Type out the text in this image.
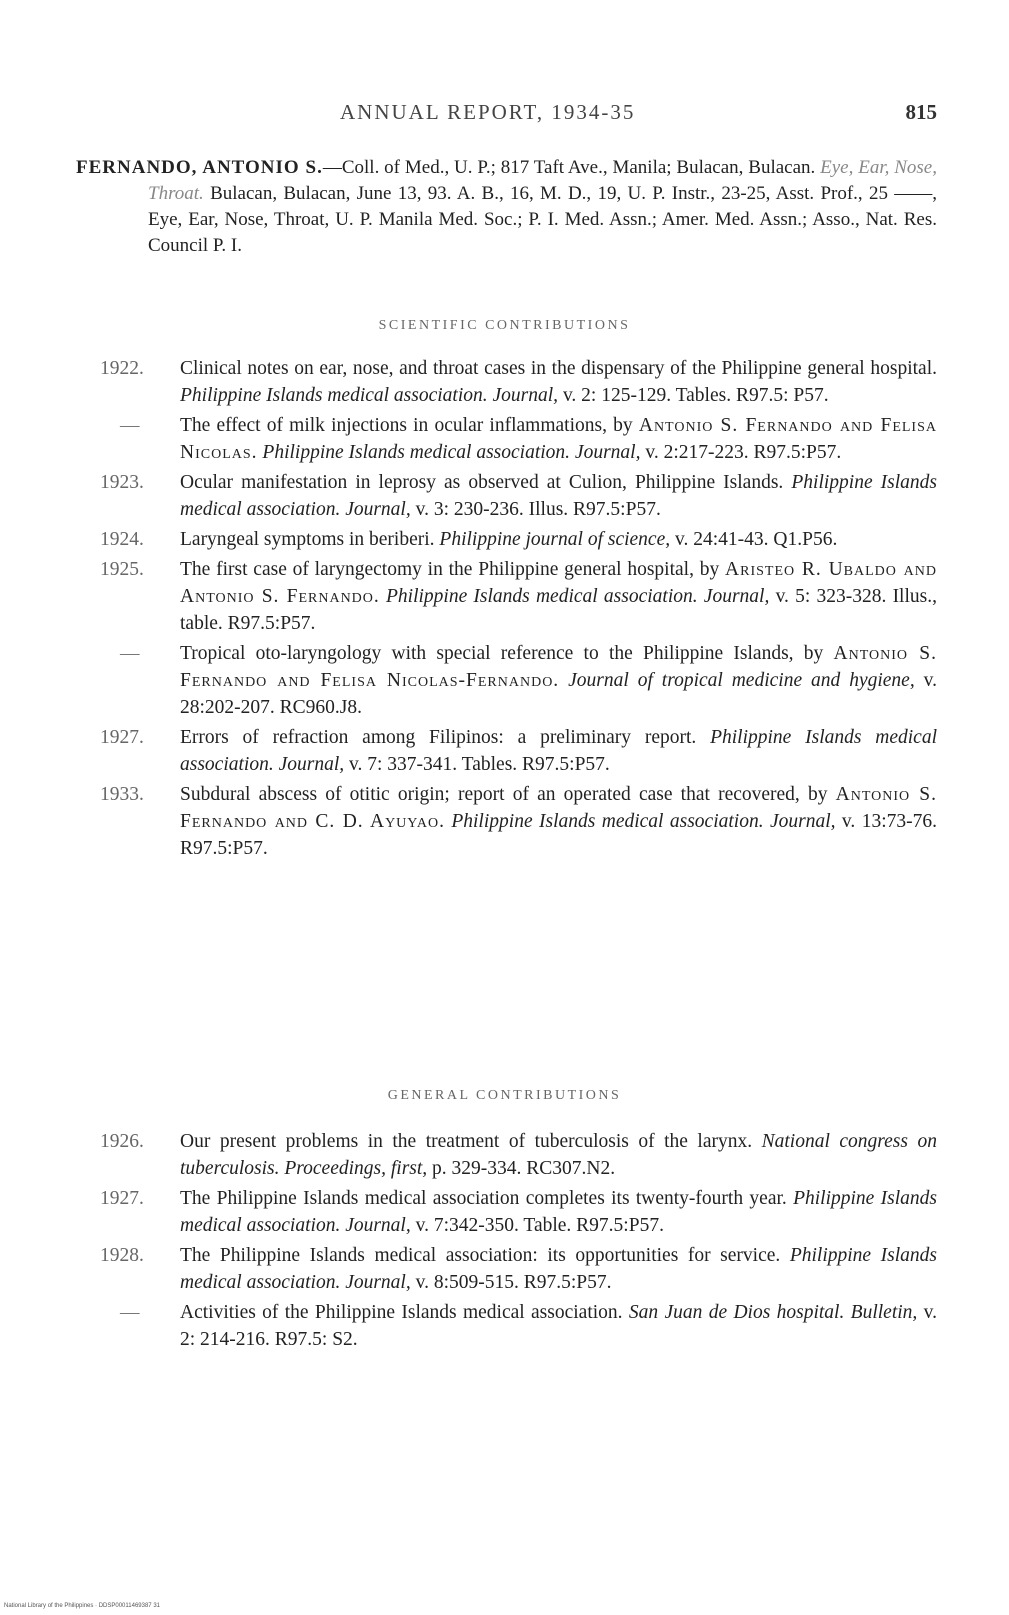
ANNUAL REPORT, 1934-35	815
FERNANDO, ANTONIO S.—Coll. of Med., U. P.; 817 Taft Ave., Manila; Bulacan, Bulacan. Eye, Ear, Nose, Throat. Bulacan, Bulacan, June 13, 93. A. B., 16, M. D., 19, U. P. Instr., 23-25, Asst. Prof., 25 ——, Eye, Ear, Nose, Throat, U. P. Manila Med. Soc.; P. I. Med. Assn.; Amer. Med. Assn.; Asso., Nat. Res. Council P. I.
SCIENTIFIC CONTRIBUTIONS
1922.	Clinical notes on ear, nose, and throat cases in the dispensary of the Philippine general hospital. Philippine Islands medical association. Journal, v. 2: 125-129. Tables. R97.5: P57.
— The effect of milk injections in ocular inflammations, by Antonio S. Fernando and Felisa Nicolas. Philippine Islands medical association. Journal, v. 2:217-223. R97.5:P57.
1923.	Ocular manifestation in leprosy as observed at Culion, Philippine Islands. Philippine Islands medical association. Journal, v. 3: 230-236. Illus. R97.5:P57.
1924.	Laryngeal symptoms in beriberi. Philippine journal of science, v. 24:41-43. Q1.P56.
1925.	The first case of laryngectomy in the Philippine general hospital, by Aristeo R. Ubaldo and Antonio S. Fernando. Philippine Islands medical association. Journal, v. 5: 323-328. Illus., table. R97.5:P57.
— Tropical oto-laryngology with special reference to the Philippine Islands, by Antonio S. Fernando and Felisa Nicolas-Fernando. Journal of tropical medicine and hygiene, v. 28:202-207. RC960.J8.
1927.	Errors of refraction among Filipinos: a preliminary report. Philippine Islands medical association. Journal, v. 7: 337-341. Tables. R97.5:P57.
1933.	Subdural abscess of otitic origin; report of an operated case that recovered, by Antonio S. Fernando and C. D. Ayuyao. Philippine Islands medical association. Journal, v. 13:73-76. R97.5:P57.
GENERAL CONTRIBUTIONS
1926.	Our present problems in the treatment of tuberculosis of the larynx. National congress on tuberculosis. Proceedings, first, p. 329-334. RC307.N2.
1927.	The Philippine Islands medical association completes its twenty-fourth year. Philippine Islands medical association. Journal, v. 7:342-350. Table. R97.5:P57.
1928.	The Philippine Islands medical association: its opportunities for service. Philippine Islands medical association. Journal, v. 8:509-515. R97.5:P57.
— Activities of the Philippine Islands medical association. San Juan de Dios hospital. Bulletin, v. 2: 214-216. R97.5: S2.
National Library of the Philippines · DDSP00011469387 31
